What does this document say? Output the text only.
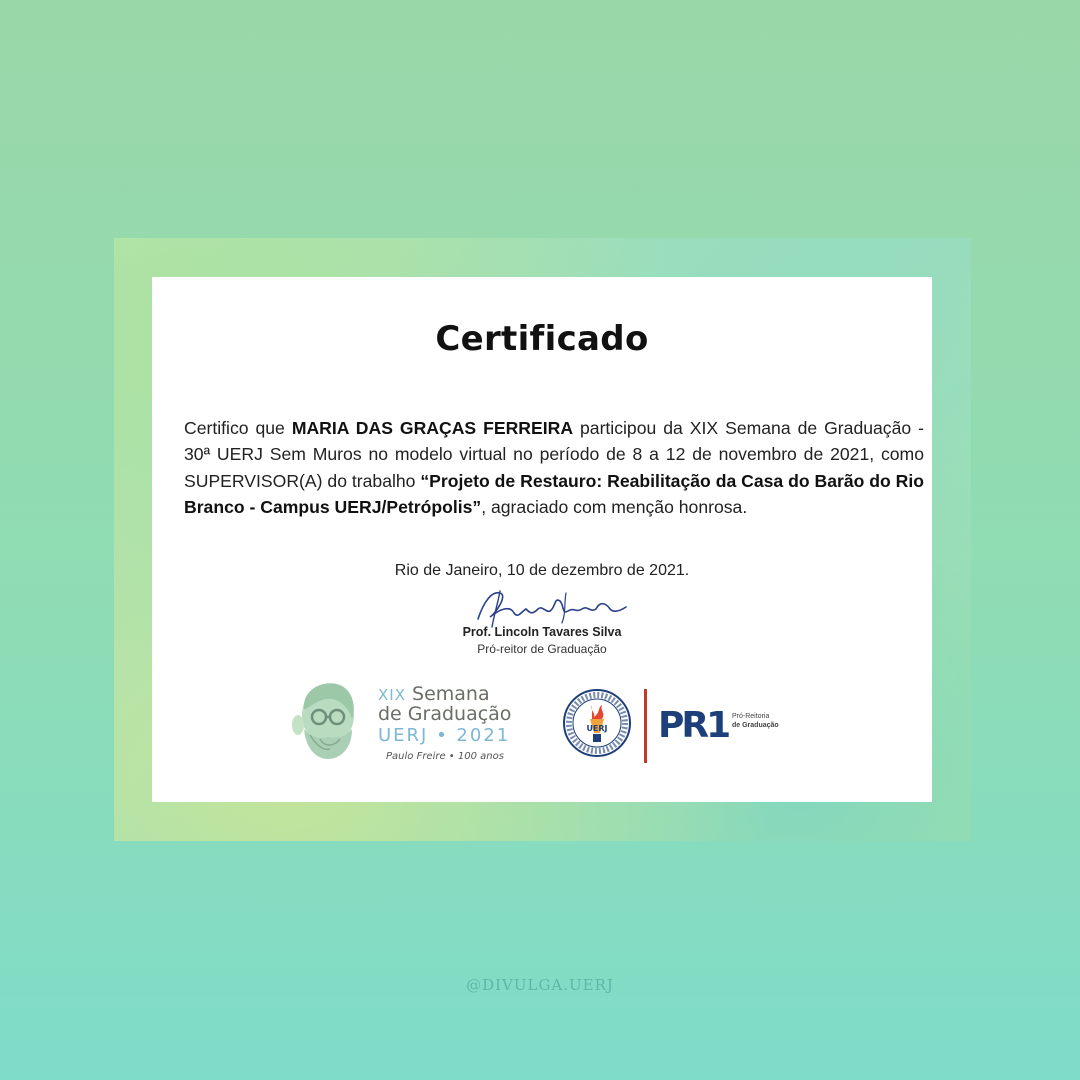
Certificado
Certifico que MARIA DAS GRAÇAS FERREIRA participou da XIX Semana de Graduação - 30ª UERJ Sem Muros no modelo virtual no período de 8 a 12 de novembro de 2021, como SUPERVISOR(A) do trabalho “Projeto de Restauro: Reabilitação da Casa do Barão do Rio Branco - Campus UERJ/Petrópolis”, agraciado com menção honrosa.
Rio de Janeiro, 10 de dezembro de 2021.
Prof. Lincoln Tavares Silva
Pró-reitor de Graduação
XIX Semana
de Graduação
UERJ • 2021
Paulo Freire • 100 anos
UERJ PR1 Pró-Reitoria

de Graduação
@DIVULGA.UERJ
